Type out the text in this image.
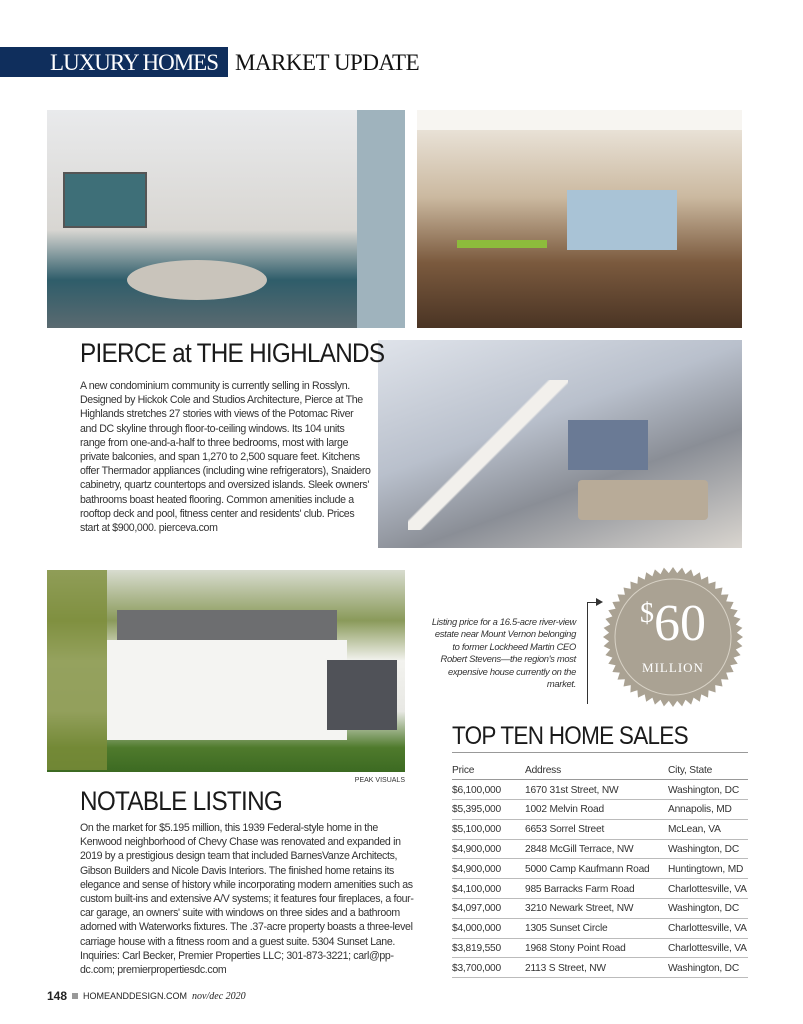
LUXURY HOMES MARKET UPDATE
PEAK VISUALS
PIERCE at THE HIGHLANDS
A new condominium community is currently selling in Rosslyn. Designed by Hickok Cole and Studios Architecture, Pierce at The Highlands stretches 27 stories with views of the Potomac River and DC skyline through floor-to-ceiling windows. Its 104 units range from one-and-a-half to three bedrooms, most with large private balconies, and span 1,270 to 2,500 square feet. Kitchens offer Thermador appliances (including wine refrigerators), Snaidero cabinetry, quartz countertops and oversized islands. Sleek owners' bathrooms boast heated flooring. Common amenities include a rooftop deck and pool, fitness center and residents' club. Prices start at $900,000. pierceva.com
NOTABLE LISTING
On the market for $5.195 million, this 1939 Federal-style home in the Kenwood neighborhood of Chevy Chase was renovated and expanded in 2019 by a prestigious design team that included BarnesVanze Architects, Gibson Builders and Nicole Davis Interiors. The finished home retains its elegance and sense of history while incorporating modern amenities such as custom built-ins and extensive A/V systems; it features four fireplaces, a four-car garage, an owners' suite with windows on three sides and a bathroom adorned with Waterworks fixtures. The .37-acre property boasts a three-level carriage house with a fitness room and a guest suite. 5304 Sunset Lane. Inquiries: Carl Becker, Premier Properties LLC; 301-873-3221; carl@pp-dc.com; premierpropertiesdc.com
Listing price for a 16.5-acre river-view estate near Mount Vernon belonging to former Lockheed Martin CEO Robert Stevens—the region's most expensive house currently on the market.
$60
MILLION
TOP TEN HOME SALES
Price	Address	City, State
$6,100,000	1670 31st Street, NW	Washington, DC
$5,395,000	1002 Melvin Road	Annapolis, MD
$5,100,000	6653 Sorrel Street	McLean, VA
$4,900,000	2848 McGill Terrace, NW	Washington, DC
$4,900,000	5000 Camp Kaufmann Road	Huntingtown, MD
$4,100,000	985 Barracks Farm Road	Charlottesville, VA
$4,097,000	3210 Newark Street, NW	Washington, DC
$4,000,000	1305 Sunset Circle	Charlottesville, VA
$3,819,550	1968 Stony Point Road	Charlottesville, VA
$3,700,000	2113 S Street, NW	Washington, DC
148 HOMEANDDESIGN.COM nov/dec 2020
